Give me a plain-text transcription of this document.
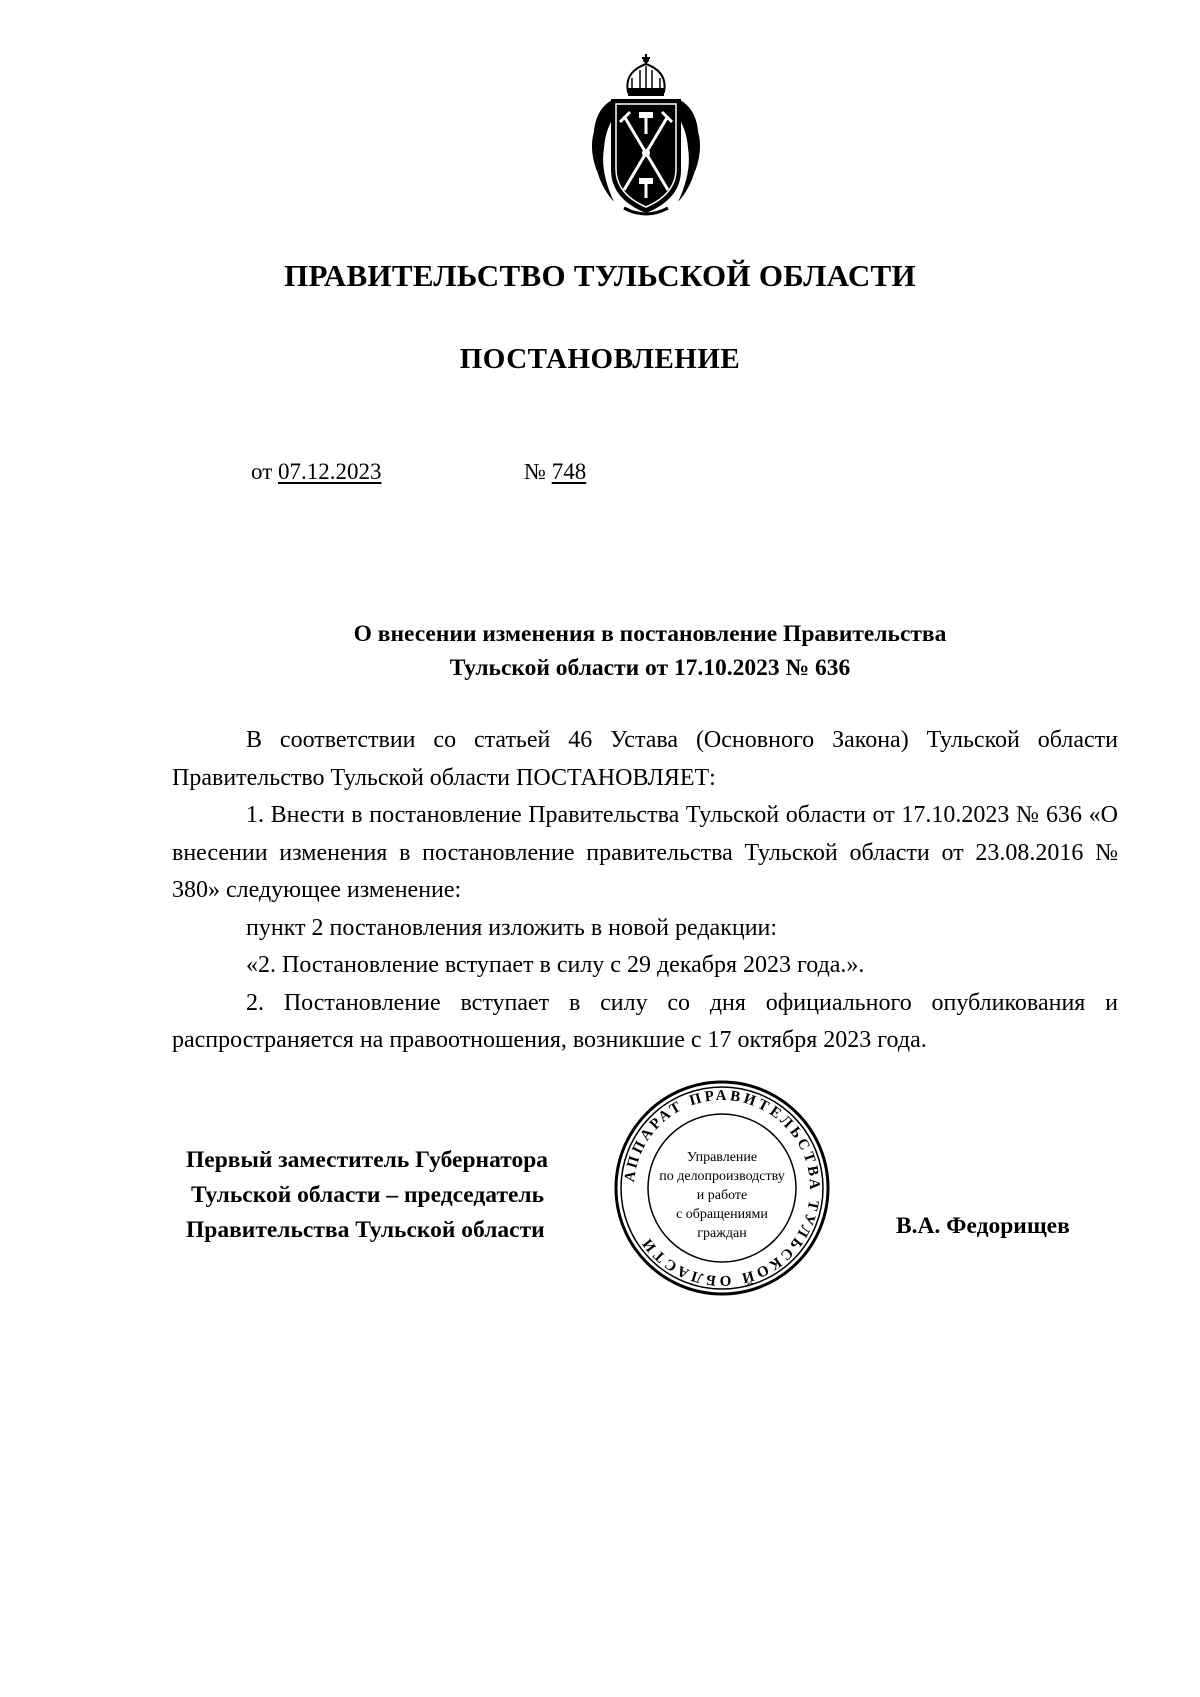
ПРАВИТЕЛЬСТВО ТУЛЬСКОЙ ОБЛАСТИ
ПОСТАНОВЛЕНИЕ
от 07.12.2023	№ 748
О внесении изменения в постановление Правительства
Тульской области от 17.10.2023 № 636

В соответствии со статьей 46 Устава (Основного Закона) Тульской области Правительство Тульской области ПОСТАНОВЛЯЕТ:

1. Внести в постановление Правительства Тульской области от 17.10.2023 № 636 «О внесении изменения в постановление правительства Тульской области от 23.08.2016 № 380» следующее изменение:

пункт 2 постановления изложить в новой редакции:

«2. Постановление вступает в силу с 29 декабря 2023 года.».

2. Постановление вступает в силу со дня официального опубликования и распространяется на правоотношения, возникшие с 17 октября 2023 года.

Первый заместитель Губернатора
Тульской области – председатель
Правительства Тульской области	В.А. Федорищев
АППАРАТ ПРАВИТЕЛЬСТВА ТУЛЬСКОЙ ОБЛАСТИ
Управление
по делопроизводству
и работе
с обращениями
граждан
